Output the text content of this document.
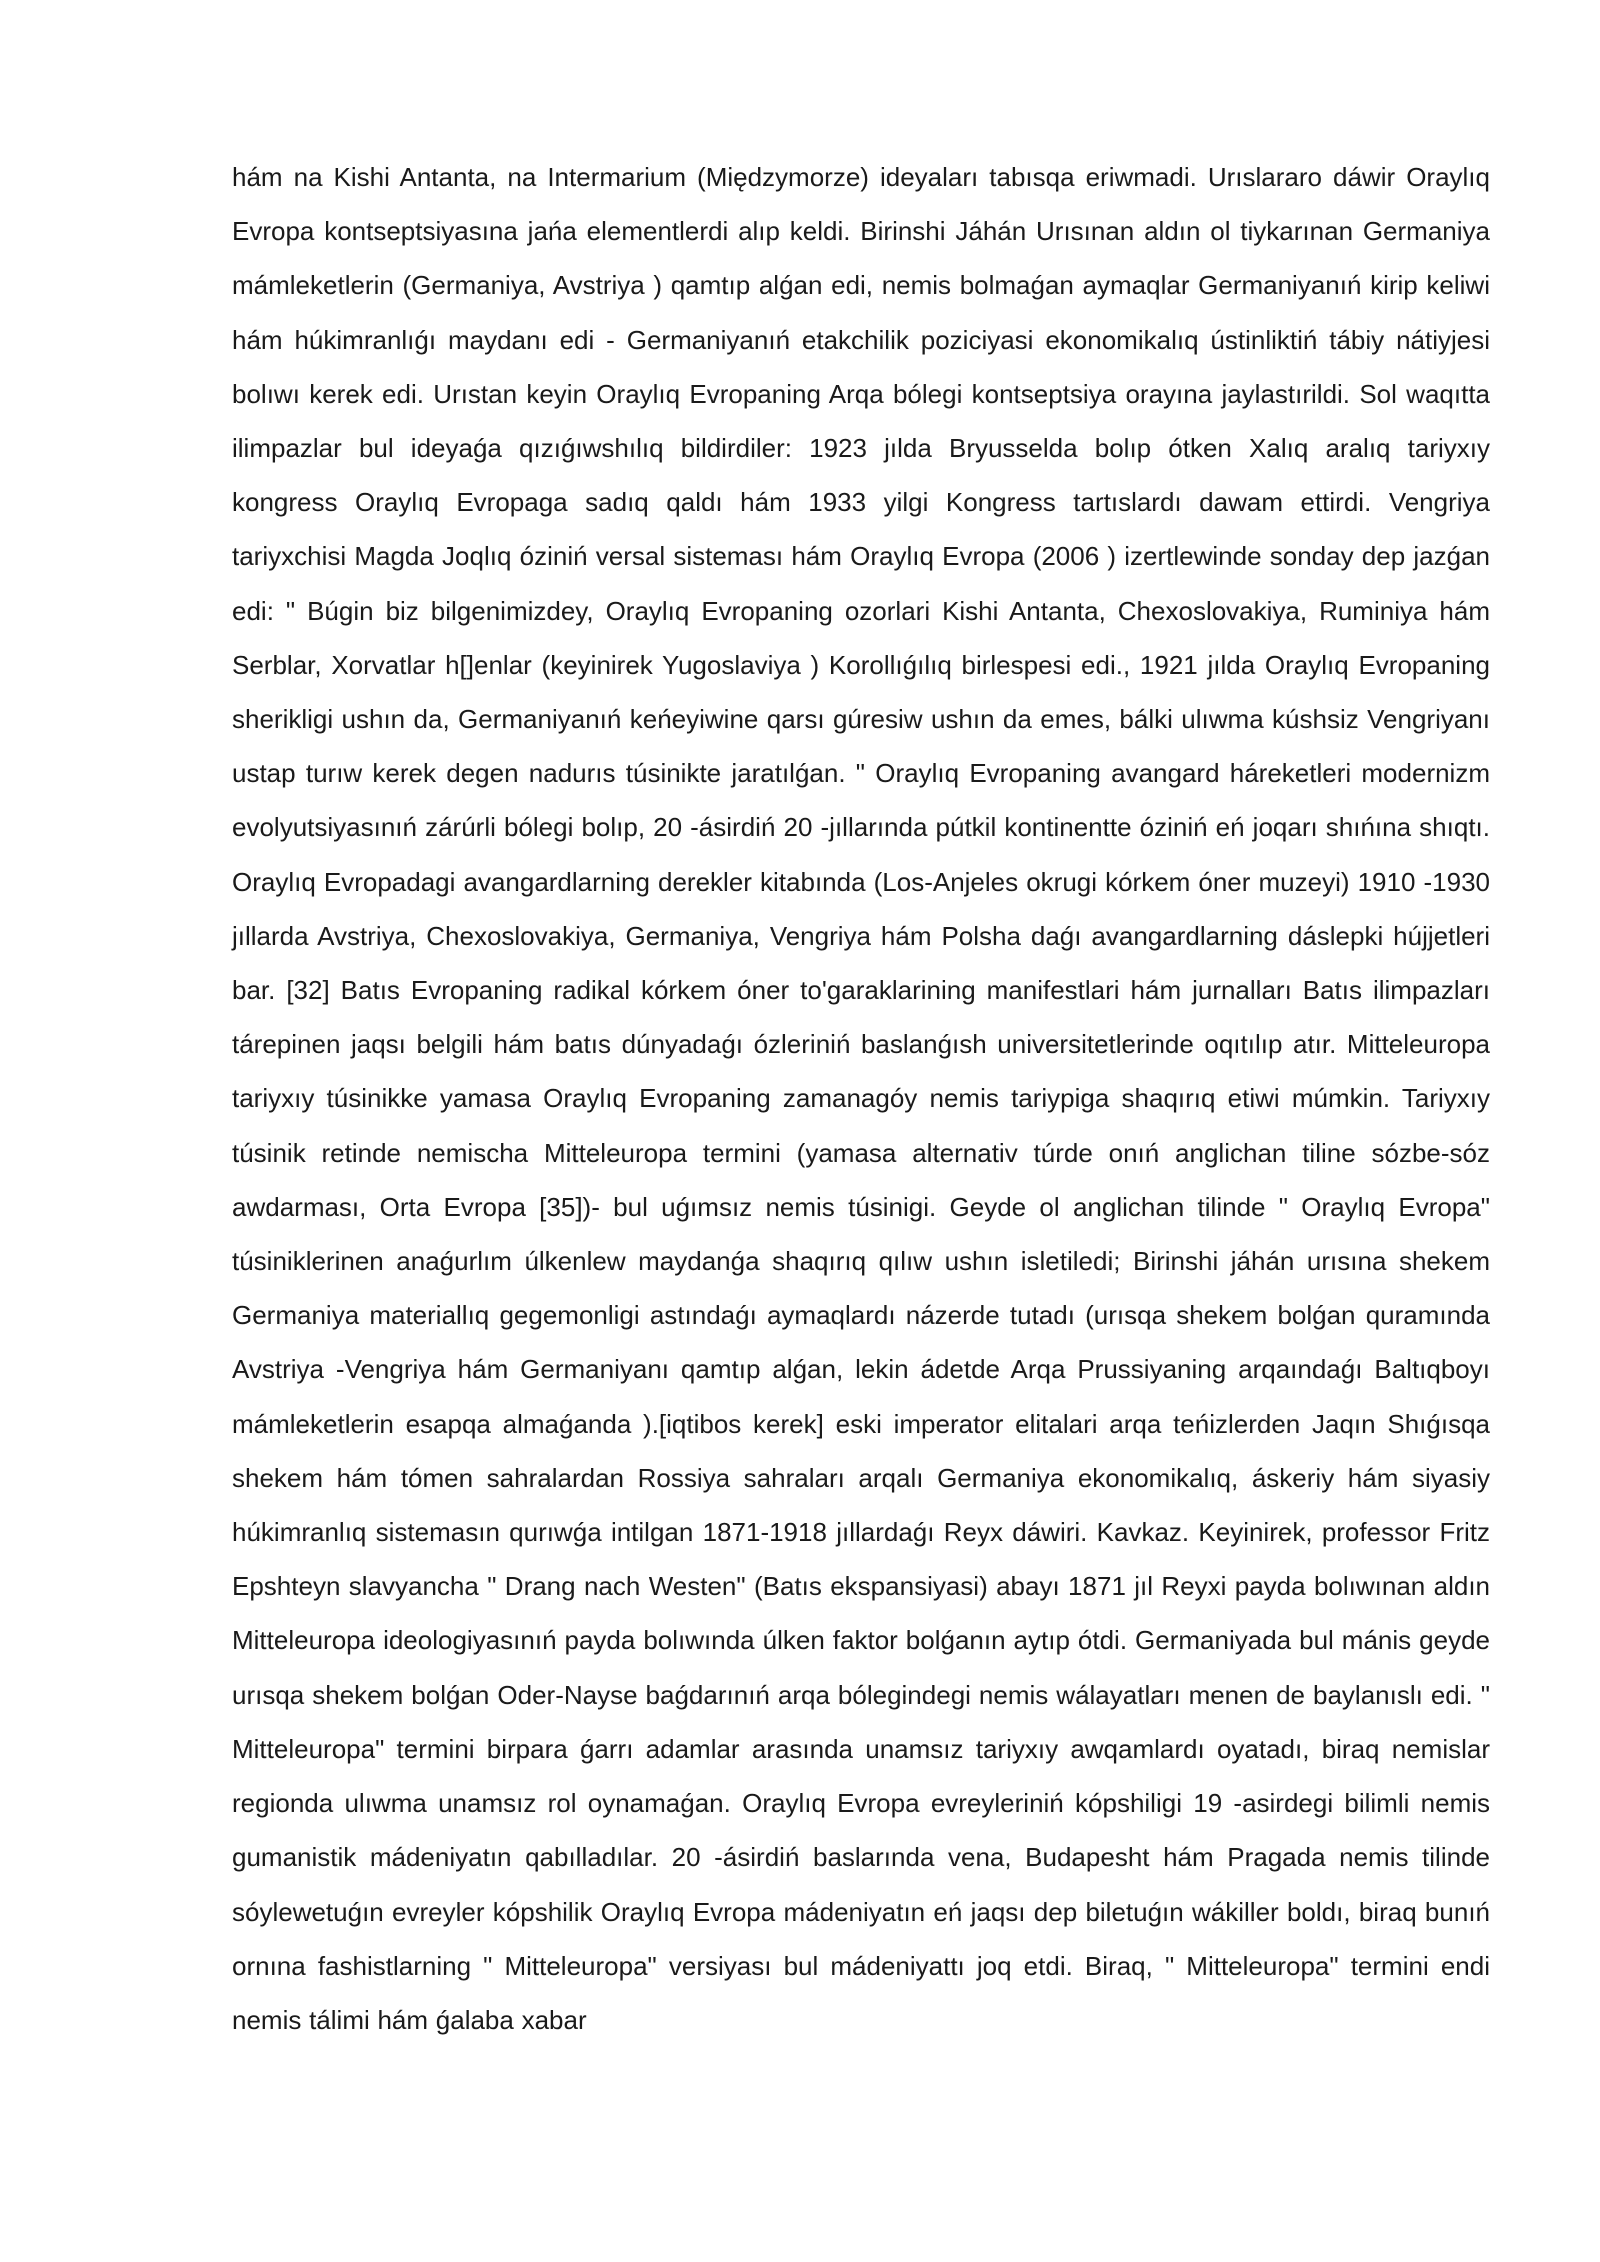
hám na Kishi Antanta, na Intermarium (Międzymorze) ideyaları tabısqa eriwmadi. Urıslararo dáwir Oraylıq Evropa kontseptsiyasına jańa elementlerdi alıp keldi. Birinshi Jáhán Urısınan aldın ol tiykarınan Germaniya mámleketlerin (Germaniya, Avstriya ) qamtıp alǵan edi, nemis bolmaǵan aymaqlar Germaniyanıń kirip keliwi hám húkimranlıǵı maydanı edi - Germaniyanıń etakchilik poziciyasi ekonomikalıq ústinliktiń tábiy nátiyjesi bolıwı kerek edi. Urıstan keyin Oraylıq Evropaning Arqa bólegi kontseptsiya orayına jaylastırildi. Sol waqıtta ilimpazlar bul ideyaǵa qızıǵıwshılıq bildirdiler: 1923 jılda Bryusselda bolıp ótken Xalıq aralıq tariyxıy kongress Oraylıq Evropaga sadıq qaldı hám 1933 yilgi Kongress tartıslardı dawam ettirdi. Vengriya tariyxchisi Magda Joqlıq óziniń versal sisteması hám Oraylıq Evropa (2006 ) izertlewinde sonday dep jazǵan edi: " Búgin biz bilgenimizdey, Oraylıq Evropaning ozorlari Kishi Antanta, Chexoslovakiya, Ruminiya hám Serblar, Xorvatlar h[]enlar (keyinirek Yugoslaviya ) Korollıǵılıq birlespesi edi., 1921 jılda Oraylıq Evropaning sherikligi ushın da, Germaniyanıń keńeyiwine qarsı gúresiw ushın da emes, bálki ulıwma kúshsiz Vengriyanı ustap turıw kerek degen nadurıs túsinikte jaratılǵan. " Oraylıq Evropaning avangard háreketleri modernizm evolyutsiyasınıń zárúrli bólegi bolıp, 20 -ásirdiń 20 -jıllarında pútkil kontinentte óziniń eń joqarı shıńına shıqtı. Oraylıq Evropadagi avangardlarning derekler kitabında (Los-Anjeles okrugi kórkem óner muzeyi) 1910 -1930 jıllarda Avstriya, Chexoslovakiya, Germaniya, Vengriya hám Polsha daǵı avangardlarning dáslepki hújjetleri bar. [32] Batıs Evropaning radikal kórkem óner to'garaklarining manifestlari hám jurnalları Batıs ilimpazları tárepinen jaqsı belgili hám batıs dúnyadaǵı ózleriniń baslanǵısh universitetlerinde oqıtılıp atır. Mitteleuropa tariyxıy túsinikke yamasa Oraylıq Evropaning zamanagóy nemis tariypiga shaqırıq etiwi múmkin. Tariyxıy túsinik retinde nemischa Mitteleuropa termini (yamasa alternativ túrde onıń anglichan tiline sózbe-sóz awdarması, Orta Evropa [35])- bul uǵımsız nemis túsinigi. Geyde ol anglichan tilinde " Oraylıq Evropa" túsiniklerinen anaǵurlım úlkenlew maydanǵa shaqırıq qılıw ushın isletiledi; Birinshi jáhán urısına shekem Germaniya materiallıq gegemonligi astındaǵı aymaqlardı názerde tutadı (urısqa shekem bolǵan quramında Avstriya -Vengriya hám Germaniyanı qamtıp alǵan, lekin ádetde Arqa Prussiyaning arqaındaǵı Baltıqboyı mámleketlerin esapqa almaǵanda ).[iqtibos kerek] eski imperator elitalari arqa teńizlerden Jaqın Shıǵısqa shekem hám tómen sahralardan Rossiya sahraları arqalı Germaniya ekonomikalıq, áskeriy hám siyasiy húkimranlıq sistemasın qurıwǵa intilgan 1871-1918 jıllardaǵı Reyx dáwiri. Kavkaz. Keyinirek, professor Fritz Epshteyn slavyancha " Drang nach Westen" (Batıs ekspansiyasi) abayı 1871 jıl Reyxi payda bolıwınan aldın Mitteleuropa ideologiyasınıń payda bolıwında úlken faktor bolǵanın aytıp ótdi. Germaniyada bul mánis geyde urısqa shekem bolǵan Oder-Nayse baǵdarınıń arqa bólegindegi nemis wálayatları menen de baylanıslı edi. " Mitteleuropa" termini birpara ǵarrı adamlar arasında unamsız tariyxıy awqamlardı oyatadı, biraq nemislar regionda ulıwma unamsız rol oynamaǵan. Oraylıq Evropa evreyleriniń kópshiligi 19 -asirdegi bilimli nemis gumanistik mádeniyatın qabılladılar. 20 -ásirdiń baslarında vena, Budapesht hám Pragada nemis tilinde sóylewetuǵın evreyler kópshilik Oraylıq Evropa mádeniyatın eń jaqsı dep biletuǵın wákiller boldı, biraq bunıń ornına fashistlarning " Mitteleuropa" versiyası bul mádeniyattı joq etdi. Biraq, " Mitteleuropa" termini endi nemis tálimi hám ǵalaba xabar
